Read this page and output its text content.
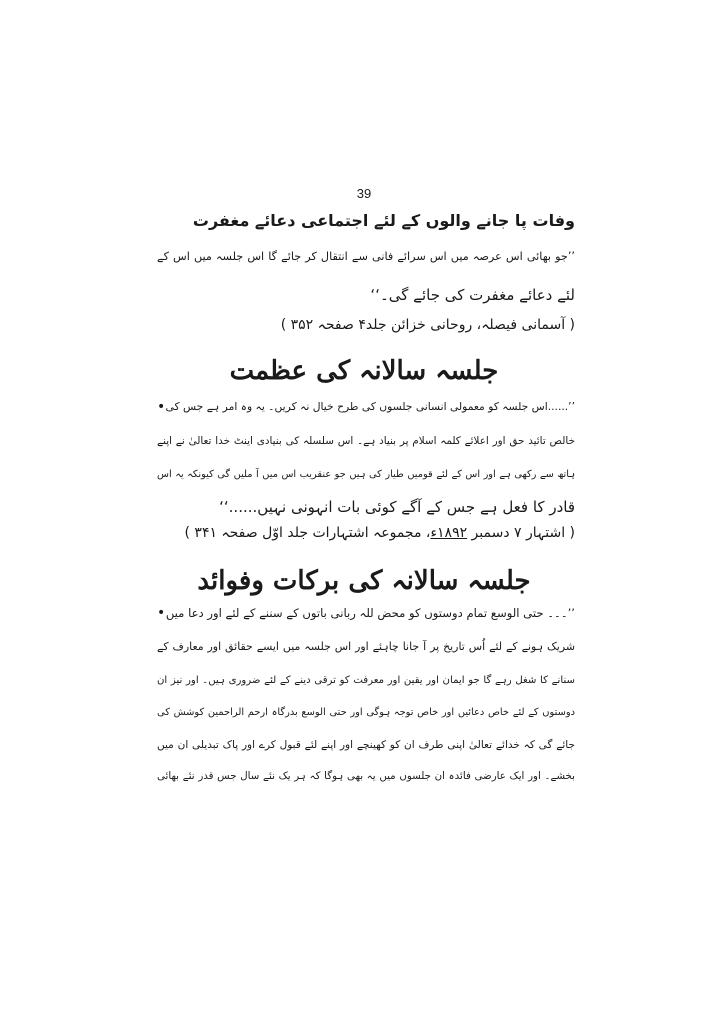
39
وفات پا جانے والوں کے لئے اجتماعی دعائے مغفرت
’’جو بھائی اس عرصہ میں اس سرائے فانی سے انتقال کر جائے گا اس جلسہ میں اس کے
لئے دعائے مغفرت کی جائے گی۔‘‘
( آسمانی فیصلہ، روحانی خزائن جلد۴ صفحہ ۳۵۲ )
جلسہ سالانہ کی عظمت
• ’’......اس جلسہ کو معمولی انسانی جلسوں کی طرح خیال نہ کریں۔ یہ وہ امر ہے جس کی
خالص تائید حق اور اعلائے کلمہ اسلام پر بنیاد ہے۔ اس سلسلہ کی بنیادی اینٹ خدا تعالیٰ نے اپنے
ہاتھ سے رکھی ہے اور اس کے لئے قومیں طیار کی ہیں جو عنقریب اس میں آ ملیں گی کیونکہ یہ اس
قادر کا فعل ہے جس کے آگے کوئی بات انہونی نہیں......‘‘
( اشتہار ۷ دسمبر ۱۸۹۲ء، مجموعہ اشتہارات جلد اوّل صفحہ ۳۴۱ )
جلسہ سالانہ کی برکات وفوائد
• ’’۔۔۔ حتی الوسع تمام دوستوں کو محض للہ ربانی باتوں کے سننے کے لئے اور دعا میں
شریک ہونے کے لئے اُس تاریخ پر آ جانا چاہئے اور اس جلسہ میں ایسے حقائق اور معارف کے
سنانے کا شغل رہے گا جو ایمان اور یقین اور معرفت کو ترقی دینے کے لئے ضروری ہیں۔ اور نیز ان
دوستوں کے لئے خاص دعائیں اور خاص توجہ ہوگی اور حتی الوسع بدرگاہ ارحم الراحمین کوشش کی
جائے گی کہ خدائے تعالیٰ اپنی طرف ان کو کھینچے اور اپنے لئے قبول کرے اور پاک تبدیلی ان میں
بخشے۔ اور ایک عارضی فائدہ ان جلسوں میں یہ بھی ہوگا کہ ہر یک نئے سال جس قدر نئے بھائی
